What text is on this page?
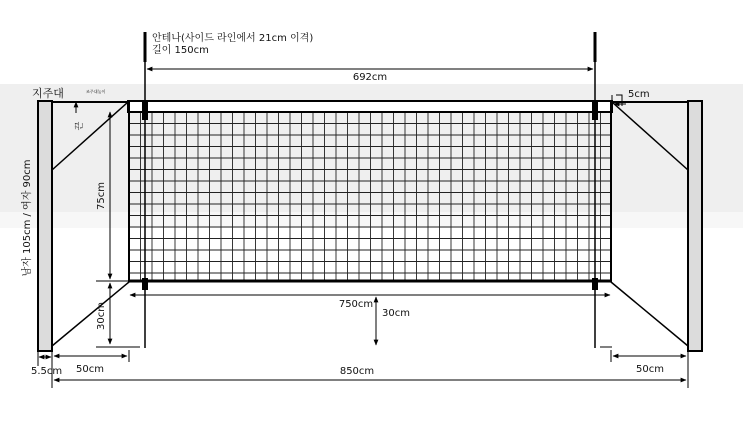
안테나(사이드 라인에서 21cm 이격)
길이 150cm
692cm
지주대	조주대높이
끈
5cm
75cm
30cm
남자 105cm / 여자 90cm
750cm
30cm
5.5cm 50cm	50cm
850cm
